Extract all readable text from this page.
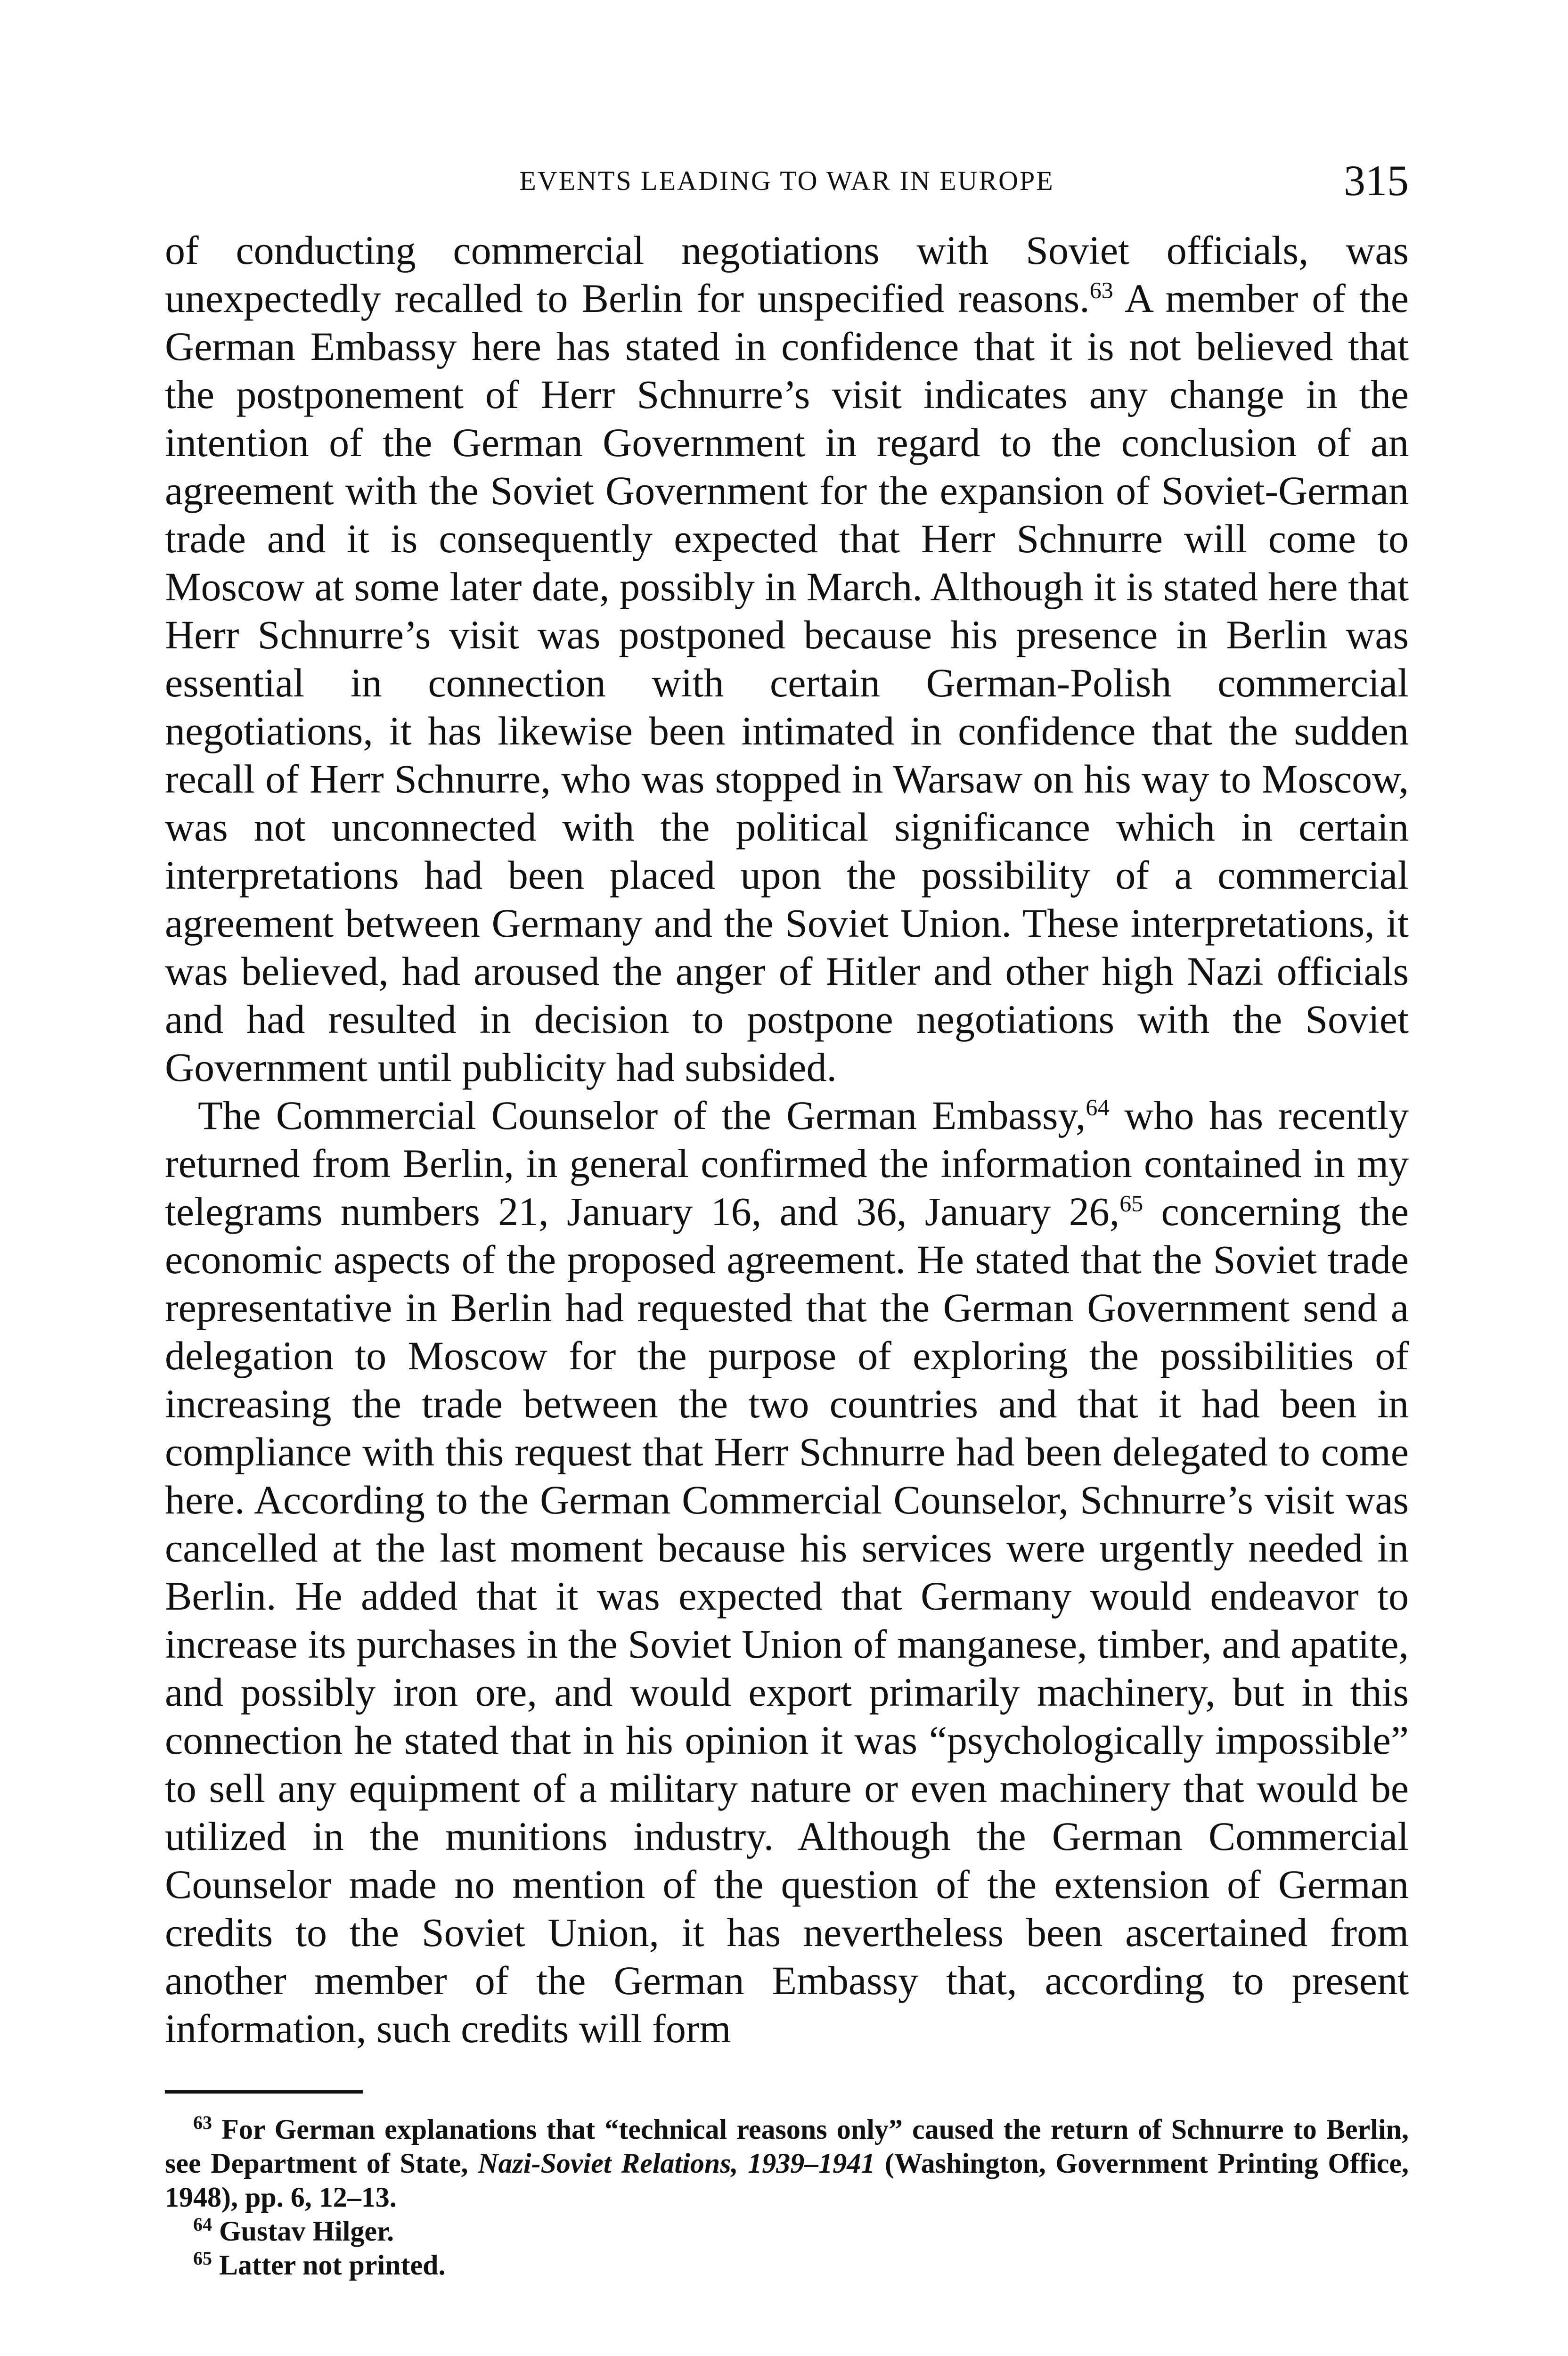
EVENTS LEADING TO WAR IN EUROPE	315

of conducting commercial negotiations with Soviet officials, was unexpectedly recalled to Berlin for unspecified reasons.$^{63}$ A member of the German Embassy here has stated in confidence that it is not believed that the postponement of Herr Schnurre’s visit indicates any change in the intention of the German Government in regard to the conclusion of an agreement with the Soviet Government for the expansion of Soviet-German trade and it is consequently expected that Herr Schnurre will come to Moscow at some later date, possibly in March. Although it is stated here that Herr Schnurre’s visit was postponed because his presence in Berlin was essential in connection with certain German-Polish commercial negotiations, it has likewise been intimated in confidence that the sudden recall of Herr Schnurre, who was stopped in Warsaw on his way to Moscow, was not unconnected with the political significance which in certain interpretations had been placed upon the possibility of a commercial agreement between Germany and the Soviet Union. These interpretations, it was believed, had aroused the anger of Hitler and other high Nazi officials and had resulted in decision to postpone negotiations with the Soviet Government until publicity had subsided.

The Commercial Counselor of the German Embassy,$^{64}$ who has recently returned from Berlin, in general confirmed the information contained in my telegrams numbers 21, January 16, and 36, January 26,65 concerning the economic aspects of the proposed agreement. He stated that the Soviet trade representative in Berlin had requested that the German Government send a delegation to Moscow for the purpose of exploring the possibilities of increasing the trade between the two countries and that it had been in compliance with this request that Herr Schnurre had been delegated to come here. According to the German Commercial Counselor, Schnurre’s visit was cancelled at the last moment because his services were urgently needed in Berlin. He added that it was expected that Germany would endeavor to increase its purchases in the Soviet Union of manganese, timber, and apatite, and possibly iron ore, and would export primarily machinery, but in this connection he stated that in his opinion it was “psychologically impossible” to sell any equipment of a military nature or even machinery that would be utilized in the munitions industry. Although the German Commercial Counselor made no mention of the question of the extension of German credits to the Soviet Union, it has nevertheless been ascertained from another member of the German Embassy that, according to present information, such credits will form

$^{63}$ For German explanations that “technical reasons only” caused the return of Schnurre to Berlin, see Department of State, Nazi-Soviet Relations, 1939–1941 (Washington, Government Printing Office, 1948), pp. 6, 12–13.

$^{64}$ Gustav Hilger.

$^{65}$ Latter not printed.
